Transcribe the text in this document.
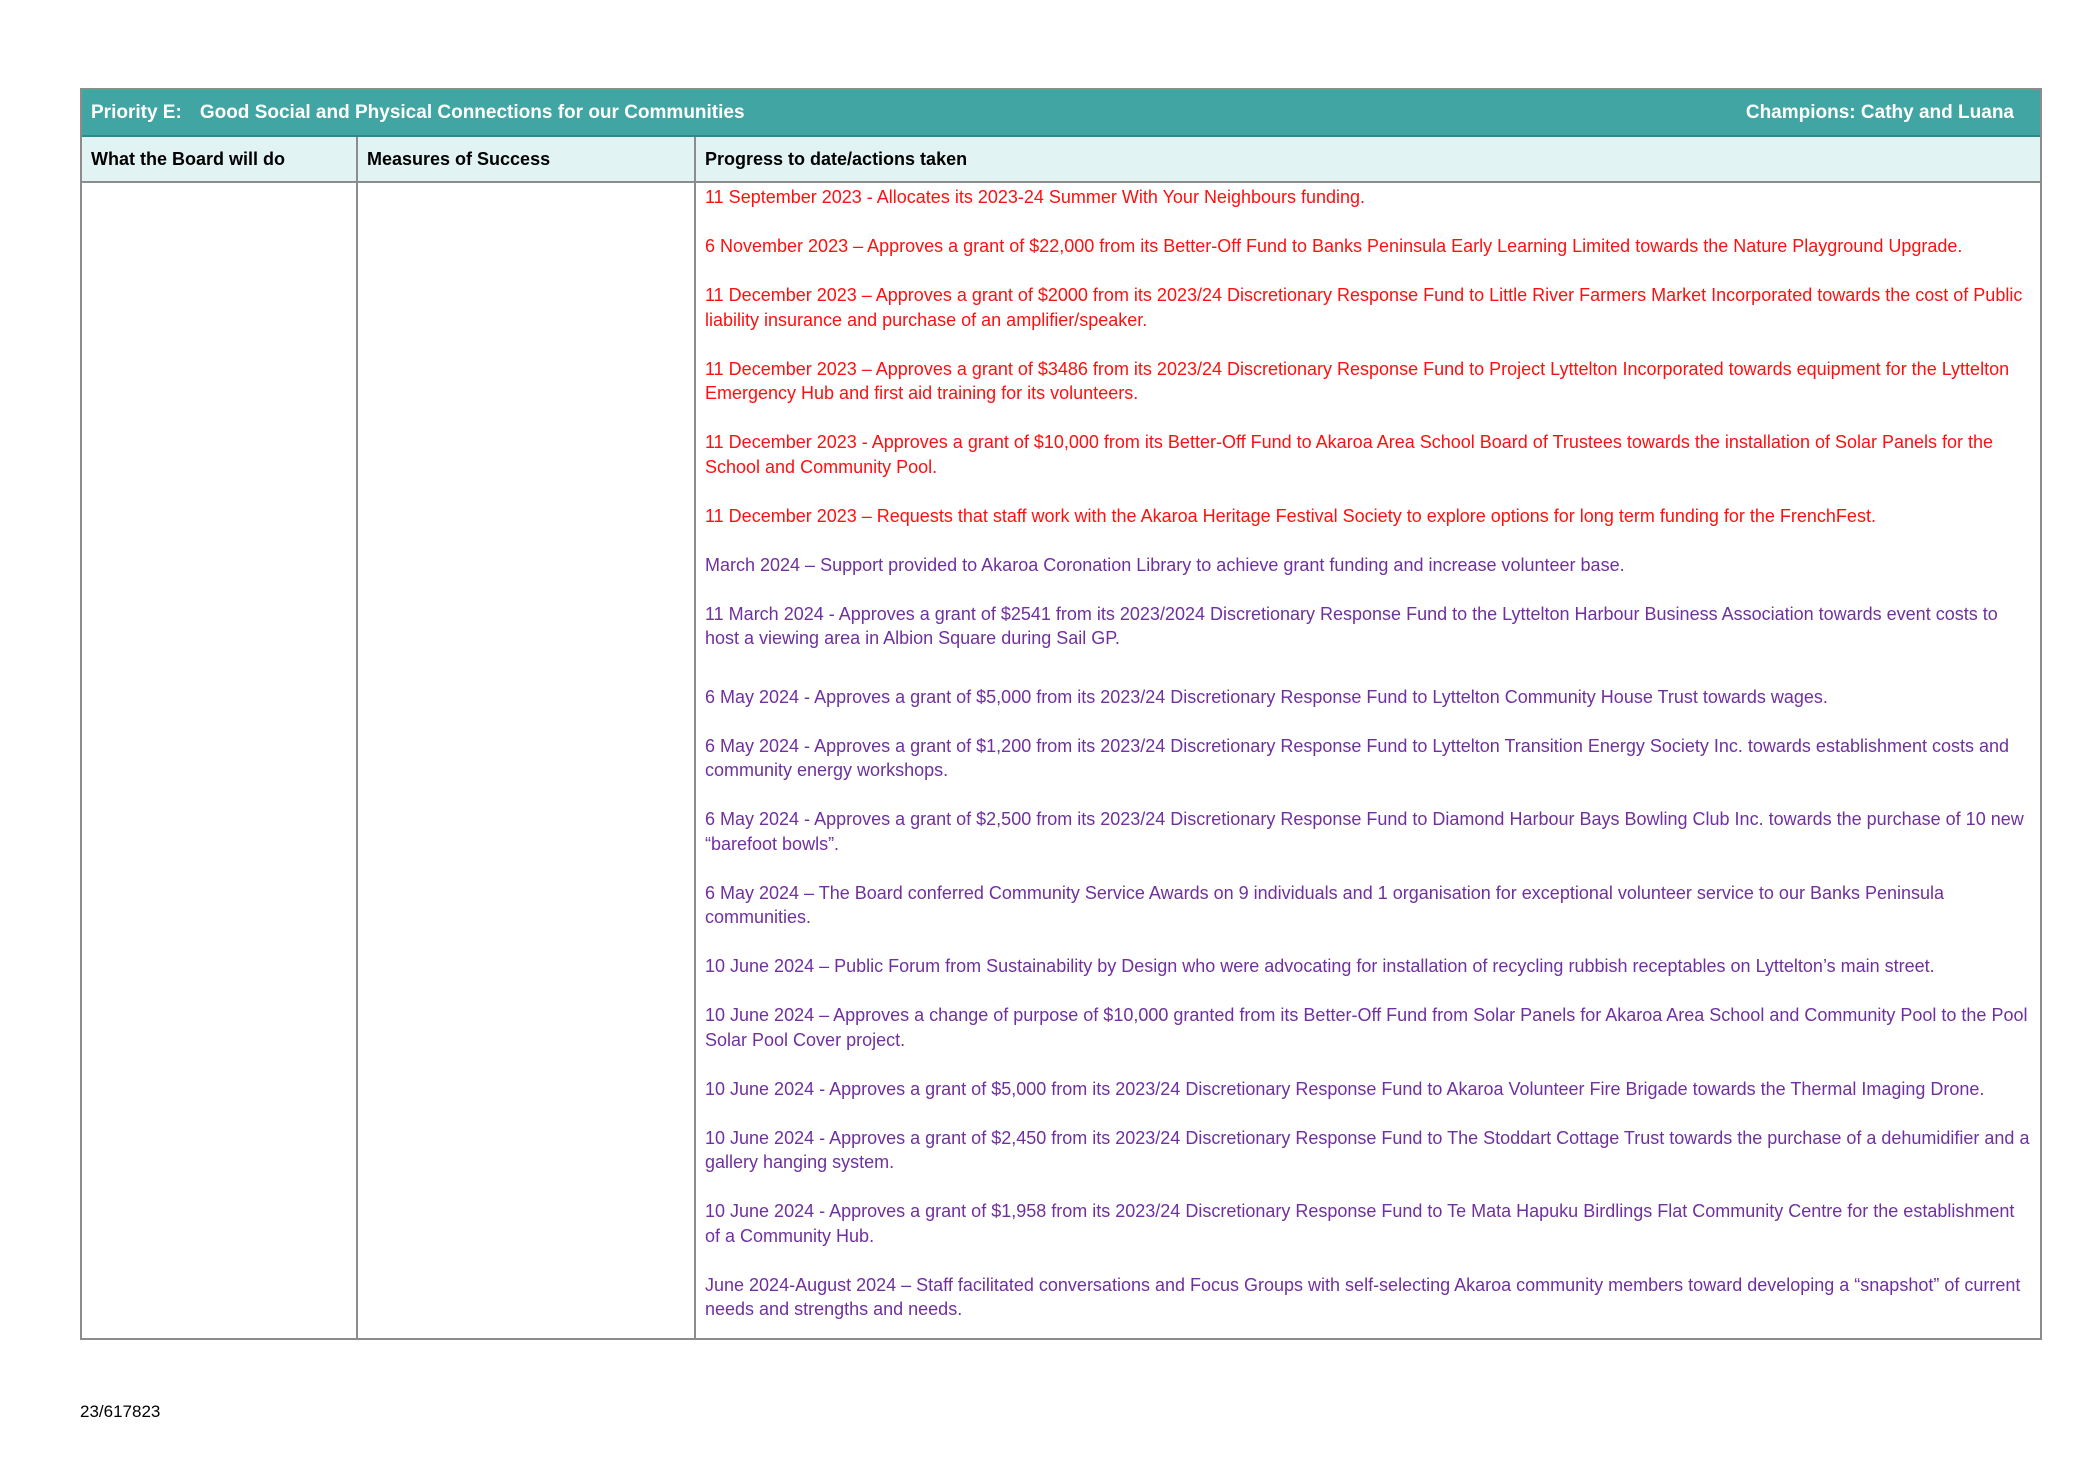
Priority E: Good Social and Physical Connections for our Communities	Champions: Cathy and Luana
What the Board will do	Measures of Success	Progress to date/actions taken

11 September 2023 - Allocates its 2023-24 Summer With Your Neighbours funding.

6 November 2023 – Approves a grant of $22,000 from its Better-Off Fund to Banks Peninsula Early Learning Limited towards the Nature Playground Upgrade.

11 December 2023 – Approves a grant of $2000 from its 2023/24 Discretionary Response Fund to Little River Farmers Market Incorporated towards the cost of Public liability insurance and purchase of an amplifier/speaker.

11 December 2023 – Approves a grant of $3486 from its 2023/24 Discretionary Response Fund to Project Lyttelton Incorporated towards equipment for the Lyttelton Emergency Hub and first aid training for its volunteers.

11 December 2023 - Approves a grant of $10,000 from its Better-Off Fund to Akaroa Area School Board of Trustees towards the installation of Solar Panels for the School and Community Pool.

11 December 2023 – Requests that staff work with the Akaroa Heritage Festival Society to explore options for long term funding for the FrenchFest.

March 2024 – Support provided to Akaroa Coronation Library to achieve grant funding and increase volunteer base.

11 March 2024 - Approves a grant of $2541 from its 2023/2024 Discretionary Response Fund to the Lyttelton Harbour Business Association towards event costs to host a viewing area in Albion Square during Sail GP.

6 May 2024 - Approves a grant of $5,000 from its 2023/24 Discretionary Response Fund to Lyttelton Community House Trust towards wages.

6 May 2024 - Approves a grant of $1,200 from its 2023/24 Discretionary Response Fund to Lyttelton Transition Energy Society Inc. towards establishment costs and community energy workshops.

6 May 2024 - Approves a grant of $2,500 from its 2023/24 Discretionary Response Fund to Diamond Harbour Bays Bowling Club Inc. towards the purchase of 10 new “barefoot bowls”.

6 May 2024 – The Board conferred Community Service Awards on 9 individuals and 1 organisation for exceptional volunteer service to our Banks Peninsula communities.

10 June 2024 – Public Forum from Sustainability by Design who were advocating for installation of recycling rubbish receptables on Lyttelton’s main street.

10 June 2024 – Approves a change of purpose of $10,000 granted from its Better-Off Fund from Solar Panels for Akaroa Area School and Community Pool to the Pool Solar Pool Cover project.

10 June 2024 - Approves a grant of $5,000 from its 2023/24 Discretionary Response Fund to Akaroa Volunteer Fire Brigade towards the Thermal Imaging Drone.

10 June 2024 - Approves a grant of $2,450 from its 2023/24 Discretionary Response Fund to The Stoddart Cottage Trust towards the purchase of a dehumidifier and a gallery hanging system.

10 June 2024 - Approves a grant of $1,958 from its 2023/24 Discretionary Response Fund to Te Mata Hapuku Birdlings Flat Community Centre for the establishment of a Community Hub.

June 2024-August 2024 – Staff facilitated conversations and Focus Groups with self-selecting Akaroa community members toward developing a “snapshot” of current needs and strengths and needs.

23/617823
